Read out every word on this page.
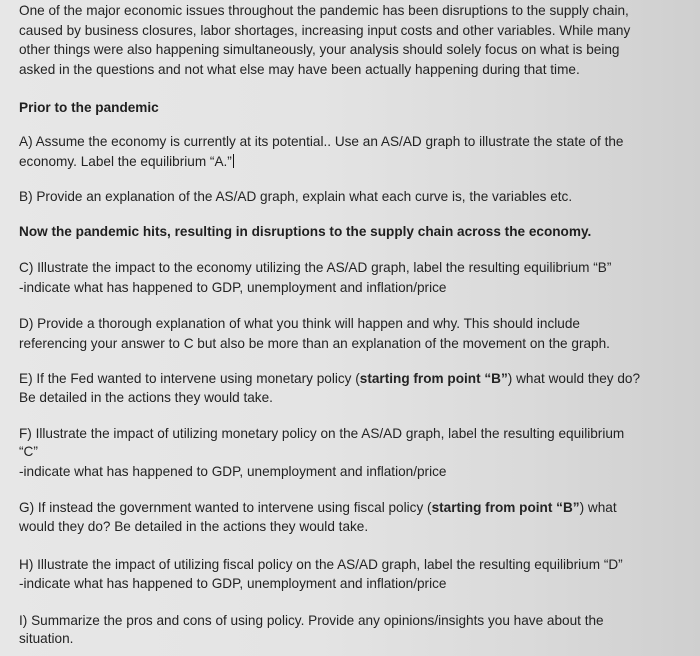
One of the major economic issues throughout the pandemic has been disruptions to the supply chain,
caused by business closures, labor shortages, increasing input costs and other variables. While many
other things were also happening simultaneously, your analysis should solely focus on what is being
asked in the questions and not what else may have been actually happening during that time.
Prior to the pandemic
A) Assume the economy is currently at its potential.. Use an AS/AD graph to illustrate the state of the
economy. Label the equilibrium “A.”
B) Provide an explanation of the AS/AD graph, explain what each curve is, the variables etc.
Now the pandemic hits, resulting in disruptions to the supply chain across the economy.
C) Illustrate the impact to the economy utilizing the AS/AD graph, label the resulting equilibrium “B”
-indicate what has happened to GDP, unemployment and inflation/price
D) Provide a thorough explanation of what you think will happen and why. This should include
referencing your answer to C but also be more than an explanation of the movement on the graph.
E) If the Fed wanted to intervene using monetary policy (starting from point “B”) what would they do?
Be detailed in the actions they would take.
F) Illustrate the impact of utilizing monetary policy on the AS/AD graph, label the resulting equilibrium
“C”
-indicate what has happened to GDP, unemployment and inflation/price
G) If instead the government wanted to intervene using fiscal policy (starting from point “B”) what
would they do? Be detailed in the actions they would take.
H) Illustrate the impact of utilizing fiscal policy on the AS/AD graph, label the resulting equilibrium “D”
-indicate what has happened to GDP, unemployment and inflation/price
I) Summarize the pros and cons of using policy. Provide any opinions/insights you have about the
situation.
